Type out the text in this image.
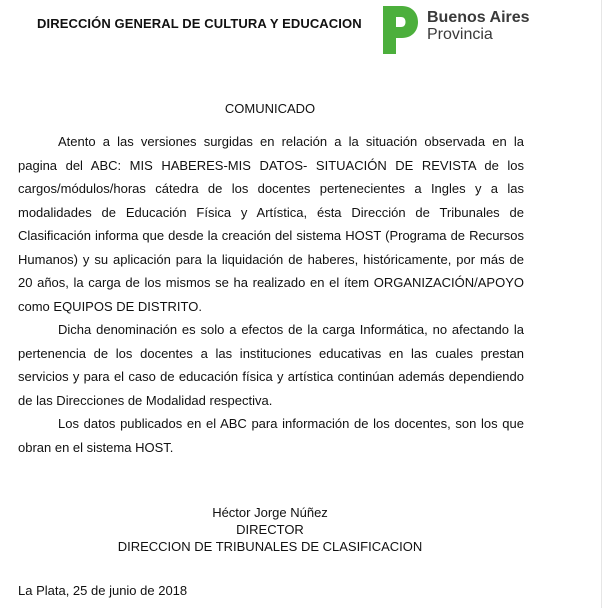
DIRECCIÓN GENERAL DE CULTURA Y EDUCACION	Buenos Aires
Provincia
COMUNICADO

Atento a las versiones surgidas en relación a la situación observada en la pagina del ABC: MIS HABERES-MIS DATOS- SITUACIÓN DE REVISTA de los cargos/módulos/horas cátedra de los docentes pertenecientes a Ingles y a las modalidades de Educación Física y Artística, ésta Dirección de Tribunales de Clasificación informa que desde la creación del sistema HOST (Programa de Recursos Humanos) y su aplicación para la liquidación de haberes, históricamente, por más de 20 años, la carga de los mismos se ha realizado en el ítem ORGANIZACIÓN/APOYO como EQUIPOS DE DISTRITO.

Dicha denominación es solo a efectos de la carga Informática, no afectando la pertenencia de los docentes a las instituciones educativas en las cuales prestan servicios y para el caso de educación física y artística continúan además dependiendo de las Direcciones de Modalidad respectiva.

Los datos publicados en el ABC para información de los docentes, son los que obran en el sistema HOST.

Héctor Jorge Núñez
DIRECTOR
DIRECCION DE TRIBUNALES DE CLASIFICACION
La Plata, 25 de junio de 2018
